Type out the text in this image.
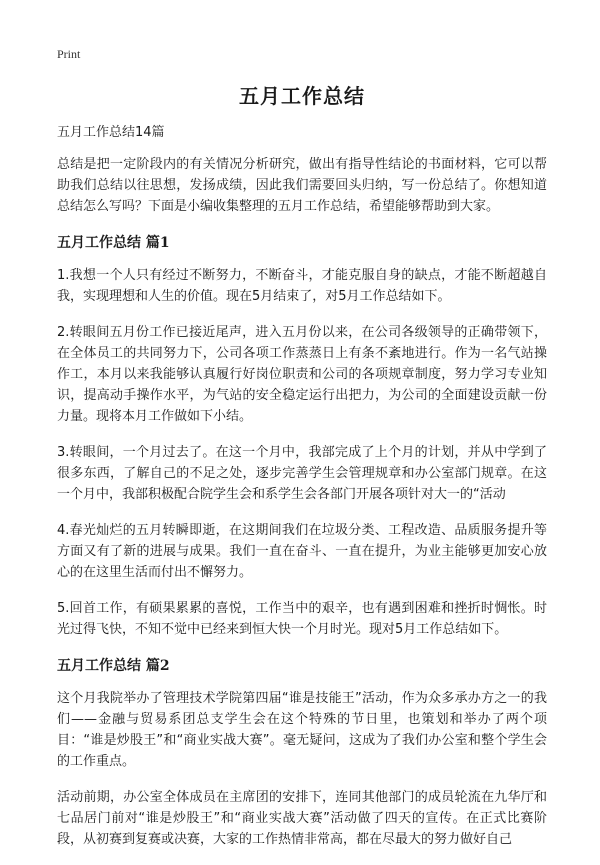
Print
五月工作总结
五月工作总结14篇

总结是把一定阶段内的有关情况分析研究，做出有指导性结论的书面材料，它可以帮助我们总结以往思想，发扬成绩，因此我们需要回头归纳，写一份总结了。你想知道总结怎么写吗？下面是小编收集整理的五月工作总结，希望能够帮助到大家。

五月工作总结 篇1

1.我想一个人只有经过不断努力，不断奋斗，才能克服自身的缺点，才能不断超越自我，实现理想和人生的价值。现在5月结束了，对5月工作总结如下。

2.转眼间五月份工作已接近尾声，进入五月份以来，在公司各级领导的正确带领下，在全体员工的共同努力下，公司各项工作蒸蒸日上有条不紊地进行。作为一名气站操作工，本月以来我能够认真履行好岗位职责和公司的各项规章制度，努力学习专业知识，提高动手操作水平，为气站的安全稳定运行出把力，为公司的全面建设贡献一份力量。现将本月工作做如下小结。

3.转眼间，一个月过去了。在这一个月中，我部完成了上个月的计划，并从中学到了很多东西，了解自己的不足之处，逐步完善学生会管理规章和办公室部门规章。在这一个月中，我部积极配合院学生会和系学生会各部门开展各项针对大一的“活动

4.春光灿烂的五月转瞬即逝，在这期间我们在垃圾分类、工程改造、品质服务提升等方面又有了新的进展与成果。我们一直在奋斗、一直在提升，为业主能够更加安心放心的在这里生活而付出不懈努力。

5.回首工作，有硕果累累的喜悦，工作当中的艰辛，也有遇到困难和挫折时惆怅。时光过得飞快，不知不觉中已经来到恒大快一个月时光。现对5月工作总结如下。

五月工作总结 篇2

这个月我院举办了管理技术学院第四届“谁是技能王”活动，作为众多承办方之一的我们——金融与贸易系团总支学生会在这个特殊的节日里，也策划和举办了两个项目：“谁是炒股王”和“商业实战大赛”。毫无疑问，这成为了我们办公室和整个学生会的工作重点。

活动前期，办公室全体成员在主席团的安排下，连同其他部门的成员轮流在九华厅和七品居门前对“谁是炒股王”和“商业实战大赛”活动做了四天的宣传。在正式比赛阶段，从初赛到复赛或决赛，大家的工作热情非常高，都在尽最大的努力做好自己
